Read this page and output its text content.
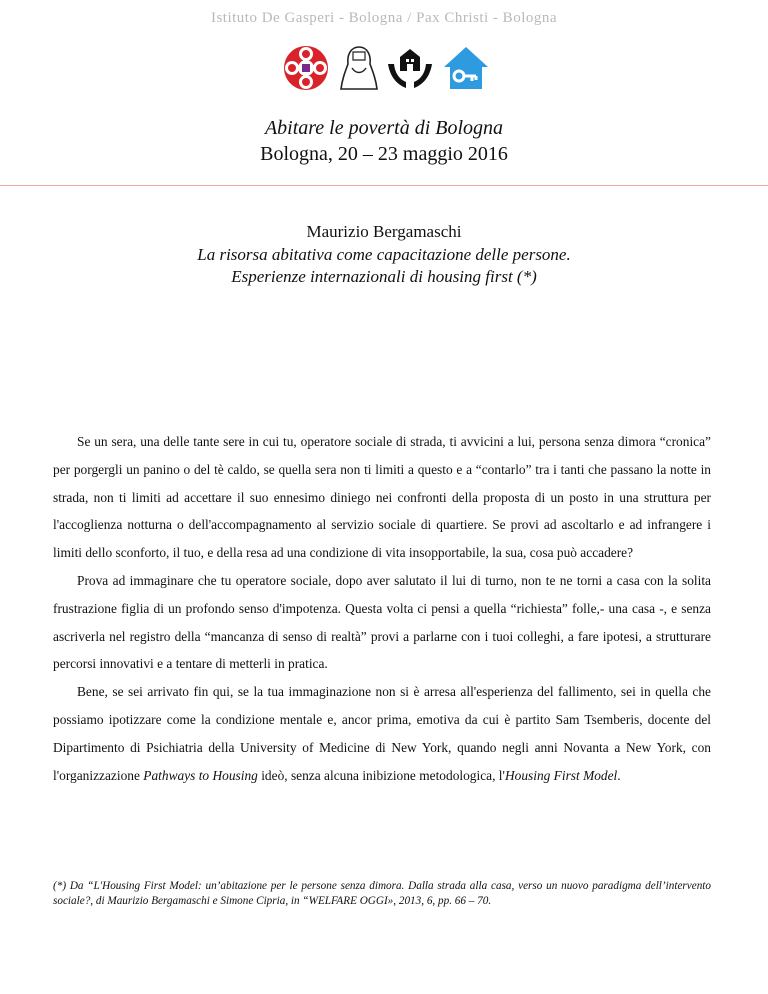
Istituto De Gasperi - Bologna / Pax Christi - Bologna
Abitare le povertà di Bologna
Bologna, 20 – 23 maggio 2016
Maurizio Bergamaschi
La risorsa abitativa come capacitazione delle persone.
Esperienze internazionali di housing first (*)

Se un sera, una delle tante sere in cui tu, operatore sociale di strada, ti avvicini a lui, persona senza dimora “cronica” per porgergli un panino o del tè caldo, se quella sera non ti limiti a questo e a “contarlo” tra i tanti che passano la notte in strada, non ti limiti ad accettare il suo ennesimo diniego nei confronti della proposta di un posto in una struttura per l'accoglienza notturna o dell'accompagnamento al servizio sociale di quartiere. Se provi ad ascoltarlo e ad infrangere i limiti dello sconforto, il tuo, e della resa ad una condizione di vita insopportabile, la sua, cosa può accadere?

Prova ad immaginare che tu operatore sociale, dopo aver salutato il lui di turno, non te ne torni a casa con la solita frustrazione figlia di un profondo senso d'impotenza. Questa volta ci pensi a quella “richiesta” folle,- una casa -, e senza ascriverla nel registro della “mancanza di senso di realtà” provi a parlarne con i tuoi colleghi, a fare ipotesi, a strutturare percorsi innovativi e a tentare di metterli in pratica.

Bene, se sei arrivato fin qui, se la tua immaginazione non si è arresa all'esperienza del fallimento, sei in quella che possiamo ipotizzare come la condizione mentale e, ancor prima, emotiva da cui è partito Sam Tsemberis, docente del Dipartimento di Psichiatria della University of Medicine di New York, quando negli anni Novanta a New York, con l'organizzazione Pathways to Housing ideò, senza alcuna inibizione metodologica, l'Housing First Model.

(*) Da “L'Housing First Model: un’abitazione per le persone senza dimora. Dalla strada alla casa, verso un nuovo paradigma dell’intervento sociale?, di Maurizio Bergamaschi e Simone Cipria, in “WELFARE OGGI», 2013, 6, pp. 66 – 70.
